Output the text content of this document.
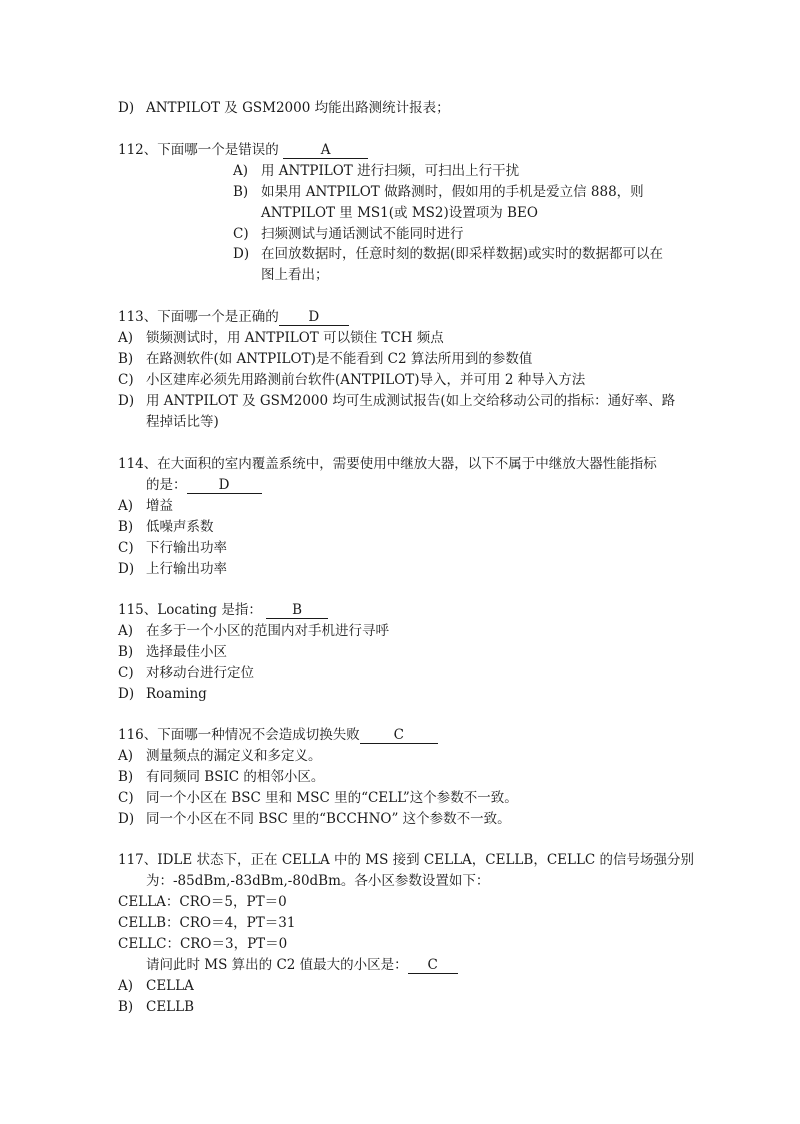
D) ANTPILOT 及 GSM2000 均能出路测统计报表；
112、下面哪一个是错误的	A
A) 用 ANTPILOT 进行扫频，可扫出上行干扰
B) 如果用 ANTPILOT 做路测时，假如用的手机是爱立信 888，则
ANTPILOT 里 MS1(或 MS2)设置项为 BEO
C) 扫频测试与通话测试不能同时进行
D) 在回放数据时，任意时刻的数据(即采样数据)或实时的数据都可以在
图上看出；
113、下面哪一个是正确的 D
A) 锁频测试时，用 ANTPILOT 可以锁住 TCH 频点
B) 在路测软件(如 ANTPILOT)是不能看到 C2 算法所用到的参数值
C) 小区建库必须先用路测前台软件(ANTPILOT)导入，并可用 2 种导入方法
D) 用 ANTPILOT 及 GSM2000 均可生成测试报告(如上交给移动公司的指标：通好率、路
程掉话比等)
114、在大面积的室内覆盖系统中，需要使用中继放大器，以下不属于中继放大器性能指标
的是： D
A) 增益
B) 低噪声系数
C) 下行输出功率
D) 上行输出功率
115、Locating 是指： B
A) 在多于一个小区的范围内对手机进行寻呼
B) 选择最佳小区
C) 对移动台进行定位
D) Roaming
116、下面哪一种情况不会造成切换失败	C
A) 测量频点的漏定义和多定义。
B) 有同频同 BSIC 的相邻小区。
C) 同一个小区在 BSC 里和 MSC 里的“CELL”这个参数不一致。
D) 同一个小区在不同 BSC 里的“BCCHNO” 这个参数不一致。
117、IDLE 状态下，正在 CELLA 中的 MS 接到 CELLA，CELLB，CELLC 的信号场强分别
为：-85dBm,-83dBm,-80dBm。各小区参数设置如下：
CELLA：CRO＝5，PT＝0
CELLB：CRO＝4，PT＝31
CELLC：CRO＝3，PT＝0
请问此时 MS 算出的 C2 值最大的小区是： C
A) CELLA
B) CELLB
